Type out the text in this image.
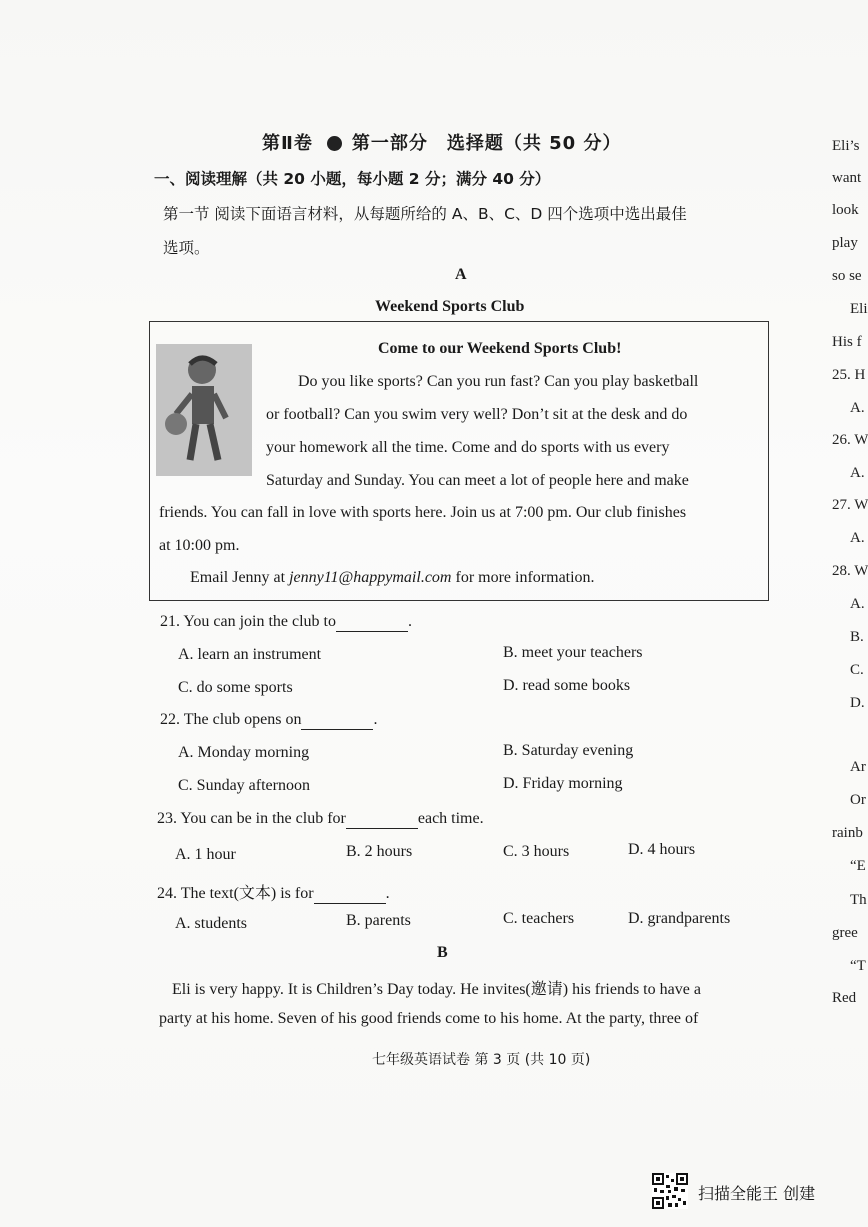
第Ⅱ卷 第一部分　选择题（共 50 分）
一、阅读理解（共 20 小题，每小题 2 分；满分 40 分）
第一节 阅读下面语言材料，从每题所给的 A、B、C、D 四个选项中选出最佳
选项。
A
Weekend Sports Club
Come to our Weekend Sports Club!
Do you like sports? Can you run fast? Can you play basketball
or football? Can you swim very well? Don’t sit at the desk and do
your homework all the time. Come and do sports with us every
Saturday and Sunday. You can meet a lot of people here and make
friends. You can fall in love with sports here. Join us at 7:00 pm. Our club finishes
at 10:00 pm.
Email Jenny at jenny11@happymail.com for more information.
21. You can join the club to	.
A. learn an instrument	B. meet your teachers
C. do some sports	D. read some books
22. The club opens on	.
A. Monday morning	B. Saturday evening
C. Sunday afternoon	D. Friday morning
23. You can be in the club for	each time.
A. 1 hour	B. 2 hours	C. 3 hours	D. 4 hours
24. The text(文本) is for	.
A. students	B. parents	C. teachers	D. grandparents
B
Eli is very happy. It is Children’s Day today. He invites(邀请) his friends to have a
party at his home. Seven of his good friends come to his home. At the party, three of
七年级英语试卷 第 3 页 (共 10 页)
Eli’s
want
look
play
so se
Eli
His f
25. H
A.
26. W
A.
27. W
A.
28. W
A.
B.
C.
D.
Ar
Or
rainb
“E
Th
gree
“T
Red
扫描全能王 创建
